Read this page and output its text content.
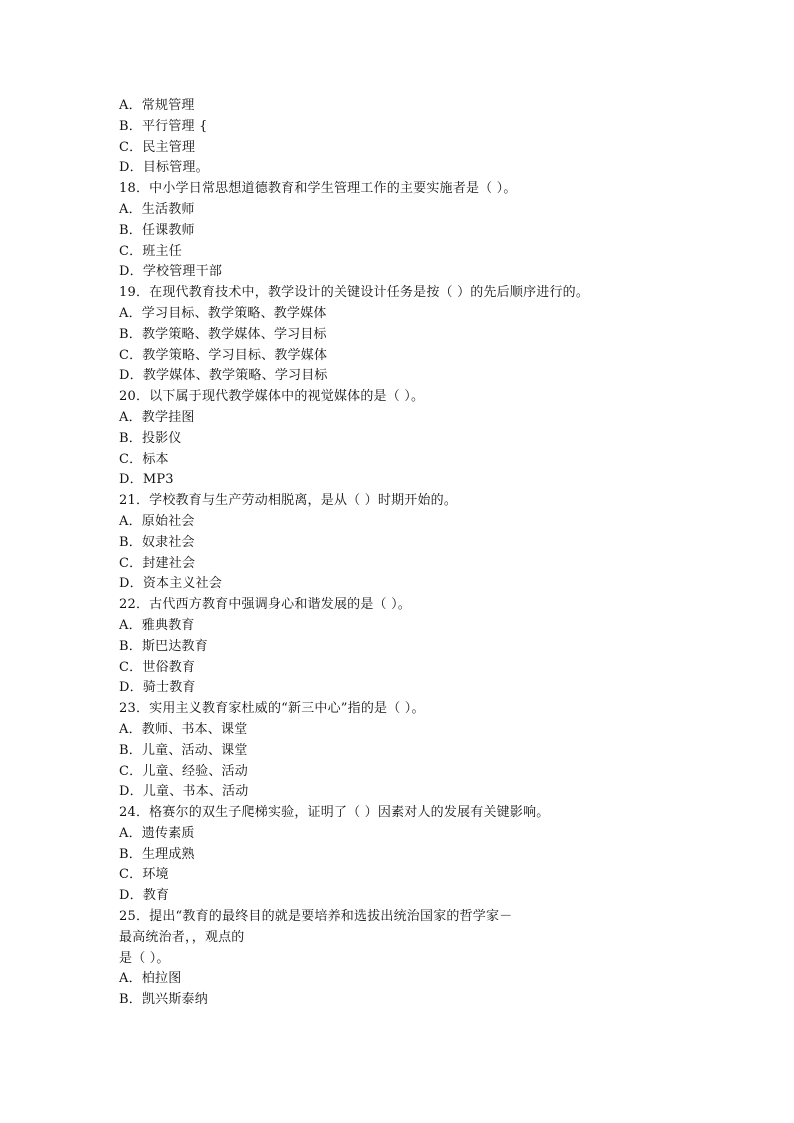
A．常规管理
B．平行管理 {
C．民主管理
D．目标管理。
18．中小学日常思想道德教育和学生管理工作的主要实施者是（ ）。
A．生活教师
B．任课教师
C．班主任
D．学校管理干部
19．在现代教育技术中，教学设计的关键设计任务是按（ ）的先后顺序进行的。
A．学习目标、教学策略、教学媒体
B．教学策略、教学媒体、学习目标
C．教学策略、学习目标、教学媒体
D．教学媒体、教学策略、学习目标
20．以下属于现代教学媒体中的视觉媒体的是（ ）。
A．教学挂图
B．投影仪
C．标本
D．MP3
21．学校教育与生产劳动相脱离，是从（ ）时期开始的。
A．原始社会
B．奴隶社会
C．封建社会
D．资本主义社会
22．古代西方教育中强调身心和谐发展的是（ ）。
A．雅典教育
B．斯巴达教育
C．世俗教育
D．骑士教育
23．实用主义教育家杜威的“新三中心”指的是（ ）。
A．教师、书本、课堂
B．儿童、活动、课堂
C．儿童、经验、活动
D．儿童、书本、活动
24．格赛尔的双生子爬梯实验，证明了（ ）因素对人的发展有关键影响。
A．遗传素质
B．生理成熟
C．环境
D．教育
25．提出“教育的最终目的就是要培养和选拔出统治国家的哲学家－
最高统治者，，观点的
是（ ）。
A．柏拉图
B．凯兴斯泰纳
